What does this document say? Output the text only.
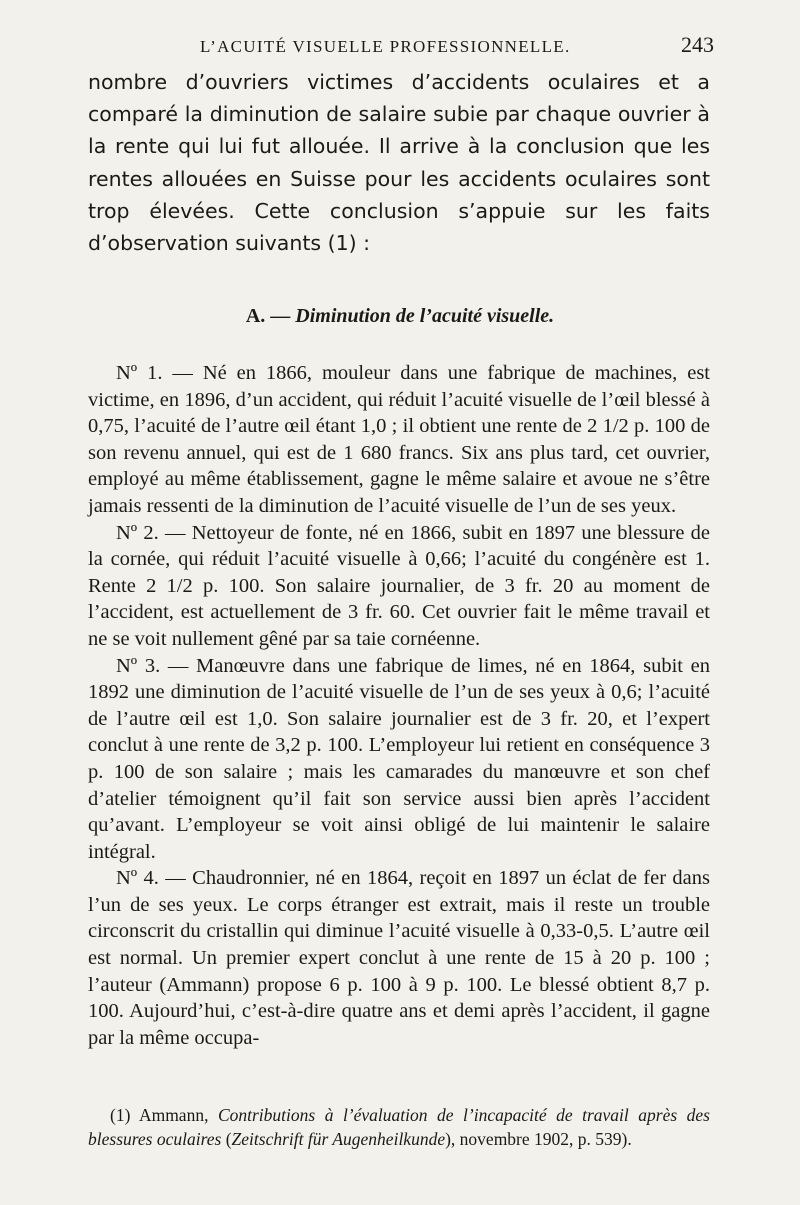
L’ACUITÉ VISUELLE PROFESSIONNELLE.	243

nombre d’ouvriers victimes d’accidents oculaires et a comparé la diminution de salaire subie par chaque ouvrier à la rente qui lui fut allouée. Il arrive à la conclusion que les rentes allouées en Suisse pour les accidents oculaires sont trop élevées. Cette conclusion s’appuie sur les faits d’observation suivants (1) :

A. — Diminution de l’acuité visuelle.

Nº 1. — Né en 1866, mouleur dans une fabrique de machines, est victime, en 1896, d’un accident, qui réduit l’acuité visuelle de l’œil blessé à 0,75, l’acuité de l’autre œil étant 1,0 ; il obtient une rente de 2 1/2 p. 100 de son revenu annuel, qui est de 1 680 francs. Six ans plus tard, cet ouvrier, employé au même établissement, gagne le même salaire et avoue ne s’être jamais ressenti de la diminution de l’acuité visuelle de l’un de ses yeux.

Nº 2. — Nettoyeur de fonte, né en 1866, subit en 1897 une blessure de la cornée, qui réduit l’acuité visuelle à 0,66; l’acuité du congénère est 1. Rente 2 1/2 p. 100. Son salaire journalier, de 3 fr. 20 au moment de l’accident, est actuellement de 3 fr. 60. Cet ouvrier fait le même travail et ne se voit nullement gêné par sa taie cornéenne.

Nº 3. — Manœuvre dans une fabrique de limes, né en 1864, subit en 1892 une diminution de l’acuité visuelle de l’un de ses yeux à 0,6; l’acuité de l’autre œil est 1,0. Son salaire journalier est de 3 fr. 20, et l’expert conclut à une rente de 3,2 p. 100. L’employeur lui retient en conséquence 3 p. 100 de son salaire ; mais les camarades du manœuvre et son chef d’atelier témoignent qu’il fait son service aussi bien après l’accident qu’avant. L’employeur se voit ainsi obligé de lui maintenir le salaire intégral.

Nº 4. — Chaudronnier, né en 1864, reçoit en 1897 un éclat de fer dans l’un de ses yeux. Le corps étranger est extrait, mais il reste un trouble circonscrit du cristallin qui diminue l’acuité visuelle à 0,33-0,5. L’autre œil est normal. Un premier expert conclut à une rente de 15 à 20 p. 100 ; l’auteur (Ammann) propose 6 p. 100 à 9 p. 100. Le blessé obtient 8,7 p. 100. Aujourd’hui, c’est-à-dire quatre ans et demi après l’accident, il gagne par la même occupa-

(1) Ammann, Contributions à l’évaluation de l’incapacité de travail après des blessures oculaires (Zeitschrift für Augenheilkunde), novembre 1902, p. 539).
